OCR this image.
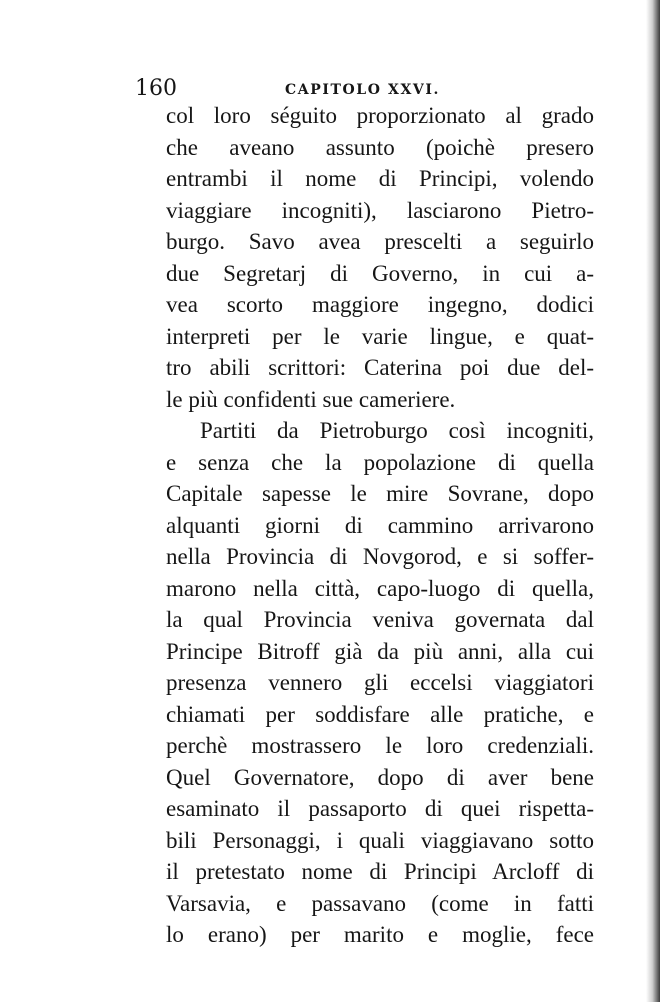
160	CAPITOLO XXVI.
col loro séguito proporzionato al grado
che aveano assunto (poichè presero
entrambi il nome di Principi, volendo
viaggiare incogniti), lasciarono Pietro-
burgo. Savo avea prescelti a seguirlo
due Segretarj di Governo, in cui a-
vea scorto maggiore ingegno, dodici
interpreti per le varie lingue, e quat-
tro abili scrittori: Caterina poi due del-
le più confidenti sue cameriere.
Partiti da Pietroburgo così incogniti,
e senza che la popolazione di quella
Capitale sapesse le mire Sovrane, dopo
alquanti giorni di cammino arrivarono
nella Provincia di Novgorod, e si soffer-
marono nella città, capo-luogo di quella,
la qual Provincia veniva governata dal
Principe Bitroff già da più anni, alla cui
presenza vennero gli eccelsi viaggiatori
chiamati per soddisfare alle pratiche, e
perchè mostrassero le loro credenziali.
Quel Governatore, dopo di aver bene
esaminato il passaporto di quei rispetta-
bili Personaggi, i quali viaggiavano sotto
il pretestato nome di Principi Arcloff di
Varsavia, e passavano (come in fatti
lo erano) per marito e moglie, fece
